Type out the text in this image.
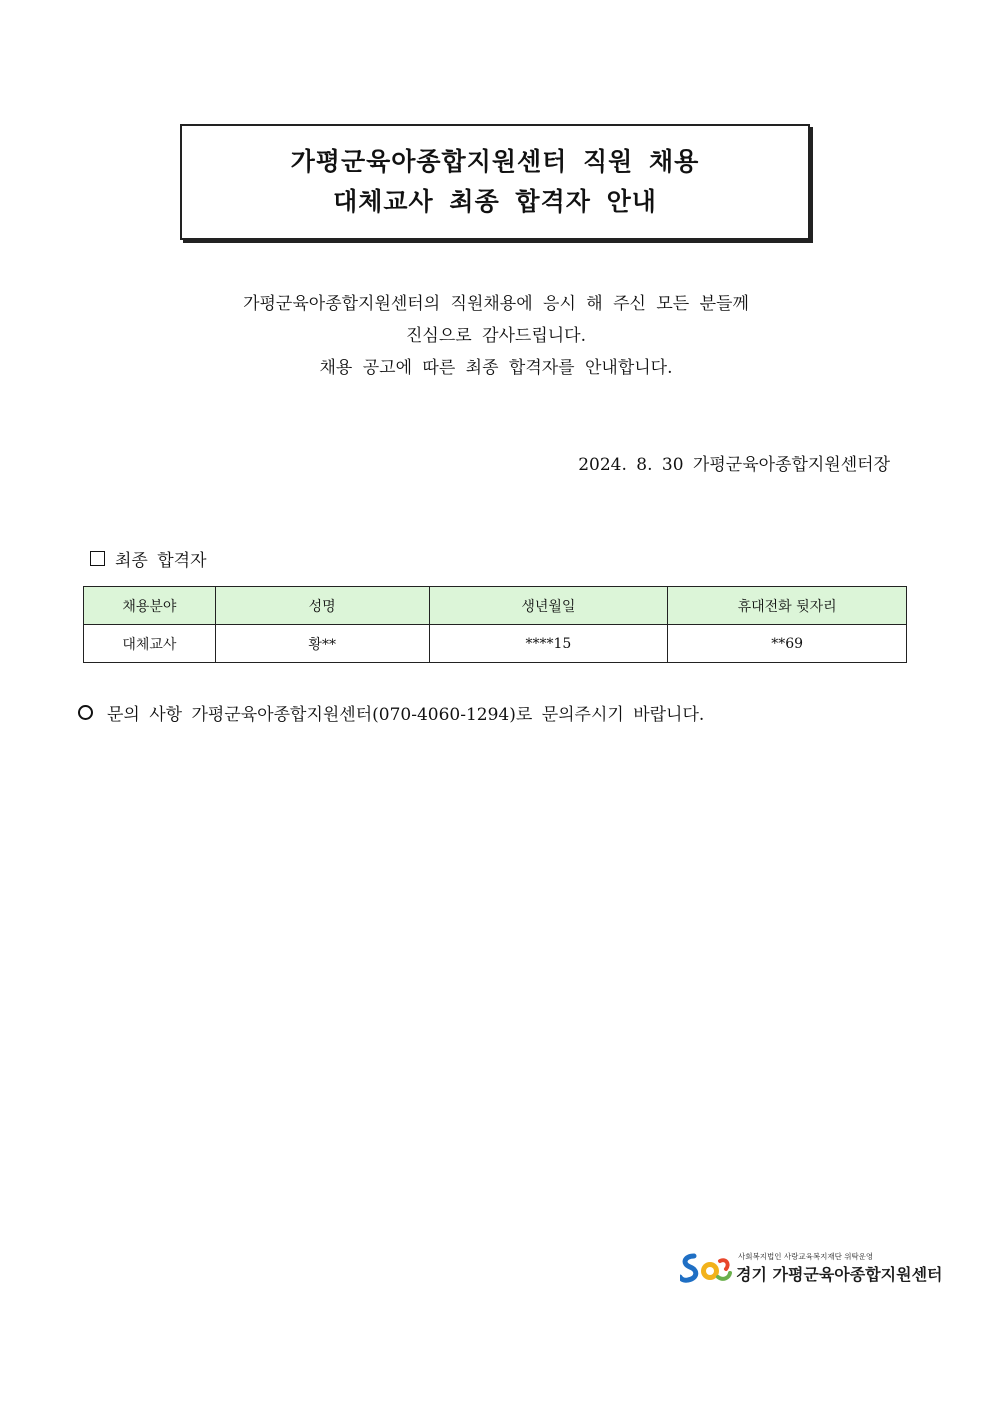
가평군육아종합지원센터 직원 채용
대체교사 최종 합격자 안내
가평군육아종합지원센터의 직원채용에 응시 해 주신 모든 분들께
진심으로 감사드립니다.
채용 공고에 따른 최종 합격자를 안내합니다.
2024. 8. 30 가평군육아종합지원센터장
최종 합격자
채용분야	성명	생년월일	휴대전화 뒷자리
대체교사	황**	****15	**69
문의 사항 가평군육아종합지원센터(070-4060-1294)로 문의주시기 바랍니다.
사회복지법인 사랑교육복지재단 위탁운영
경기 가평군육아종합지원센터
